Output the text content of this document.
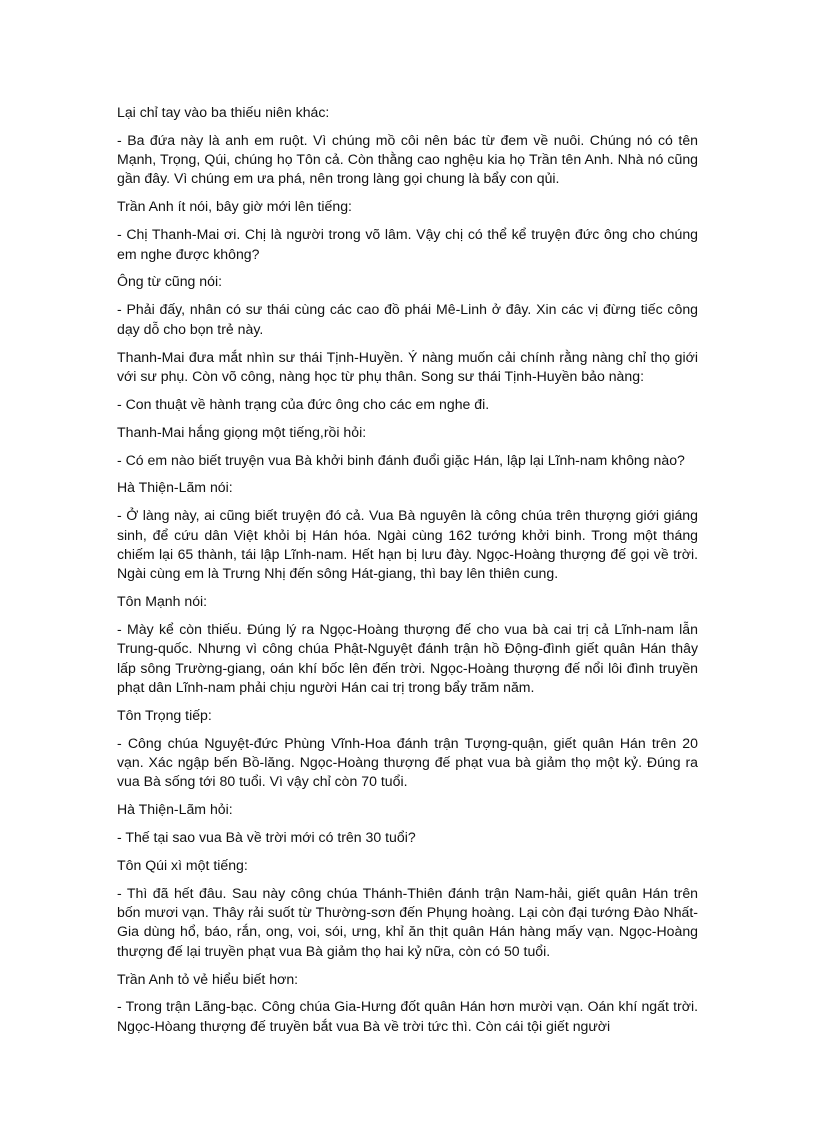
Lại chỉ tay vào ba thiếu niên khác:

- Ba đứa này là anh em ruột. Vì chúng mồ côi nên bác từ đem về nuôi. Chúng nó có tên Mạnh, Trọng, Qúi, chúng họ Tôn cả. Còn thằng cao nghệu kia họ Trần tên Anh. Nhà nó cũng gần đây. Vì chúng em ưa phá, nên trong làng gọi chung là bẩy con qủi.

Trần Anh ít nói, bây giờ mới lên tiếng:

- Chị Thanh-Mai ơi. Chị là người trong võ lâm. Vậy chị có thể kể truyện đức ông cho chúng em nghe được không?

Ông từ cũng nói:

- Phải đấy, nhân có sư thái cùng các cao đồ phái Mê-Linh ở đây. Xin các vị đừng tiếc công dạy dỗ cho bọn trẻ này.

Thanh-Mai đưa mắt nhìn sư thái Tịnh-Huyền. Ý nàng muốn cải chính rằng nàng chỉ thọ giới với sư phụ. Còn võ công, nàng học từ phụ thân. Song sư thái Tịnh-Huyền bảo nàng:

- Con thuật về hành trạng của đức ông cho các em nghe đi.

Thanh-Mai hắng giọng một tiếng,rồi hỏi:

- Có em nào biết truyện vua Bà khởi binh đánh đuổi giặc Hán, lập lại Lĩnh-nam không nào?

Hà Thiện-Lãm nói:

- Ở làng này, ai cũng biết truyện đó cả. Vua Bà nguyên là công chúa trên thượng giới giáng sinh, để cứu dân Việt khỏi bị Hán hóa. Ngài cùng 162 tướng khởi binh. Trong một tháng chiếm lại 65 thành, tái lập Lĩnh-nam. Hết hạn bị lưu đày. Ngọc-Hoàng thượng đế gọi về trời. Ngài cùng em là Trưng Nhị đến sông Hát-giang, thì bay lên thiên cung.

Tôn Mạnh nói:

- Mày kể còn thiếu. Đúng lý ra Ngọc-Hoàng thượng đế cho vua bà cai trị cả Lĩnh-nam lẫn Trung-quốc. Nhưng vì công chúa Phật-Nguyệt đánh trận hồ Động-đình giết quân Hán thây lấp sông Trường-giang, oán khí bốc lên đến trời. Ngọc-Hoàng thượng đế nổi lôi đình truyền phạt dân Lĩnh-nam phải chịu người Hán cai trị trong bẩy trăm năm.

Tôn Trọng tiếp:

- Công chúa Nguyệt-đức Phùng Vĩnh-Hoa đánh trận Tượng-quận, giết quân Hán trên 20 vạn. Xác ngập bến Bồ-lăng. Ngọc-Hoàng thượng đế phạt vua bà giảm thọ một kỷ. Đúng ra vua Bà sống tới 80 tuổi. Vì vậy chỉ còn 70 tuổi.

Hà Thiện-Lãm hỏi:

- Thế tại sao vua Bà về trời mới có trên 30 tuổi?

Tôn Qúi xì một tiếng:

- Thì đã hết đâu. Sau này công chúa Thánh-Thiên đánh trận Nam-hải, giết quân Hán trên bốn mươi vạn. Thây rải suốt từ Thường-sơn đến Phụng hoàng. Lại còn đại tướng Đào Nhất-Gia dùng hổ, báo, rắn, ong, voi, sói, ưng, khỉ ăn thịt quân Hán hàng mấy vạn. Ngọc-Hoàng thượng đế lại truyền phạt vua Bà giảm thọ hai kỷ nữa, còn có 50 tuổi.

Trần Anh tỏ vẻ hiểu biết hơn:

- Trong trận Lãng-bạc. Công chúa Gia-Hưng đốt quân Hán hơn mười vạn. Oán khí ngất trời. Ngọc-Hòang thượng đế truyền bắt vua Bà về trời tức thì. Còn cái tội giết người
